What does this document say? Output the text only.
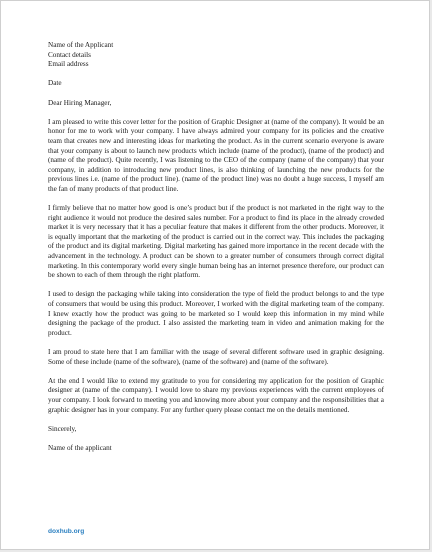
Name of the Applicant
Contact details
Email address
Date
Dear Hiring Manager,

I am pleased to write this cover letter for the position of Graphic Designer at (name of the company). It would be an honor for me to work with your company. I have always admired your company for its policies and the creative team that creates new and interesting ideas for marketing the product. As in the current scenario everyone is aware that your company is about to launch new products which include (name of the product), (name of the product) and (name of the product). Quite recently, I was listening to the CEO of the company (name of the company) that your company, in addition to introducing new product lines, is also thinking of launching the new products for the previous lines i.e. (name of the product line). (name of the product line) was no doubt a huge success, I myself am the fan of many products of that product line.

I firmly believe that no matter how good is one’s product but if the product is not marketed in the right way to the right audience it would not produce the desired sales number. For a product to find its place in the already crowded market it is very necessary that it has a peculiar feature that makes it different from the other products. Moreover, it is equally important that the marketing of the product is carried out in the correct way. This includes the packaging of the product and its digital marketing. Digital marketing has gained more importance in the recent decade with the advancement in the technology. A product can be shown to a greater number of consumers through correct digital marketing. In this contemporary world every single human being has an internet presence therefore, our product can be shown to each of them through the right platform.

I used to design the packaging while taking into consideration the type of field the product belongs to and the type of consumers that would be using this product. Moreover, I worked with the digital marketing team of the company. I knew exactly how the product was going to be marketed so I would keep this information in my mind while designing the package of the product. I also assisted the marketing team in video and animation making for the product.

I am proud to state here that I am familiar with the usage of several different software used in graphic designing. Some of these include (name of the software), (name of the software) and (name of the software).

At the end I would like to extend my gratitude to you for considering my application for the position of Graphic designer at (name of the company). I would love to share my previous experiences with the current employees of your company. I look forward to meeting you and knowing more about your company and the responsibilities that a graphic designer has in your company. For any further query please contact me on the details mentioned.

Sincerely,
Name of the applicant
doxhub.org
